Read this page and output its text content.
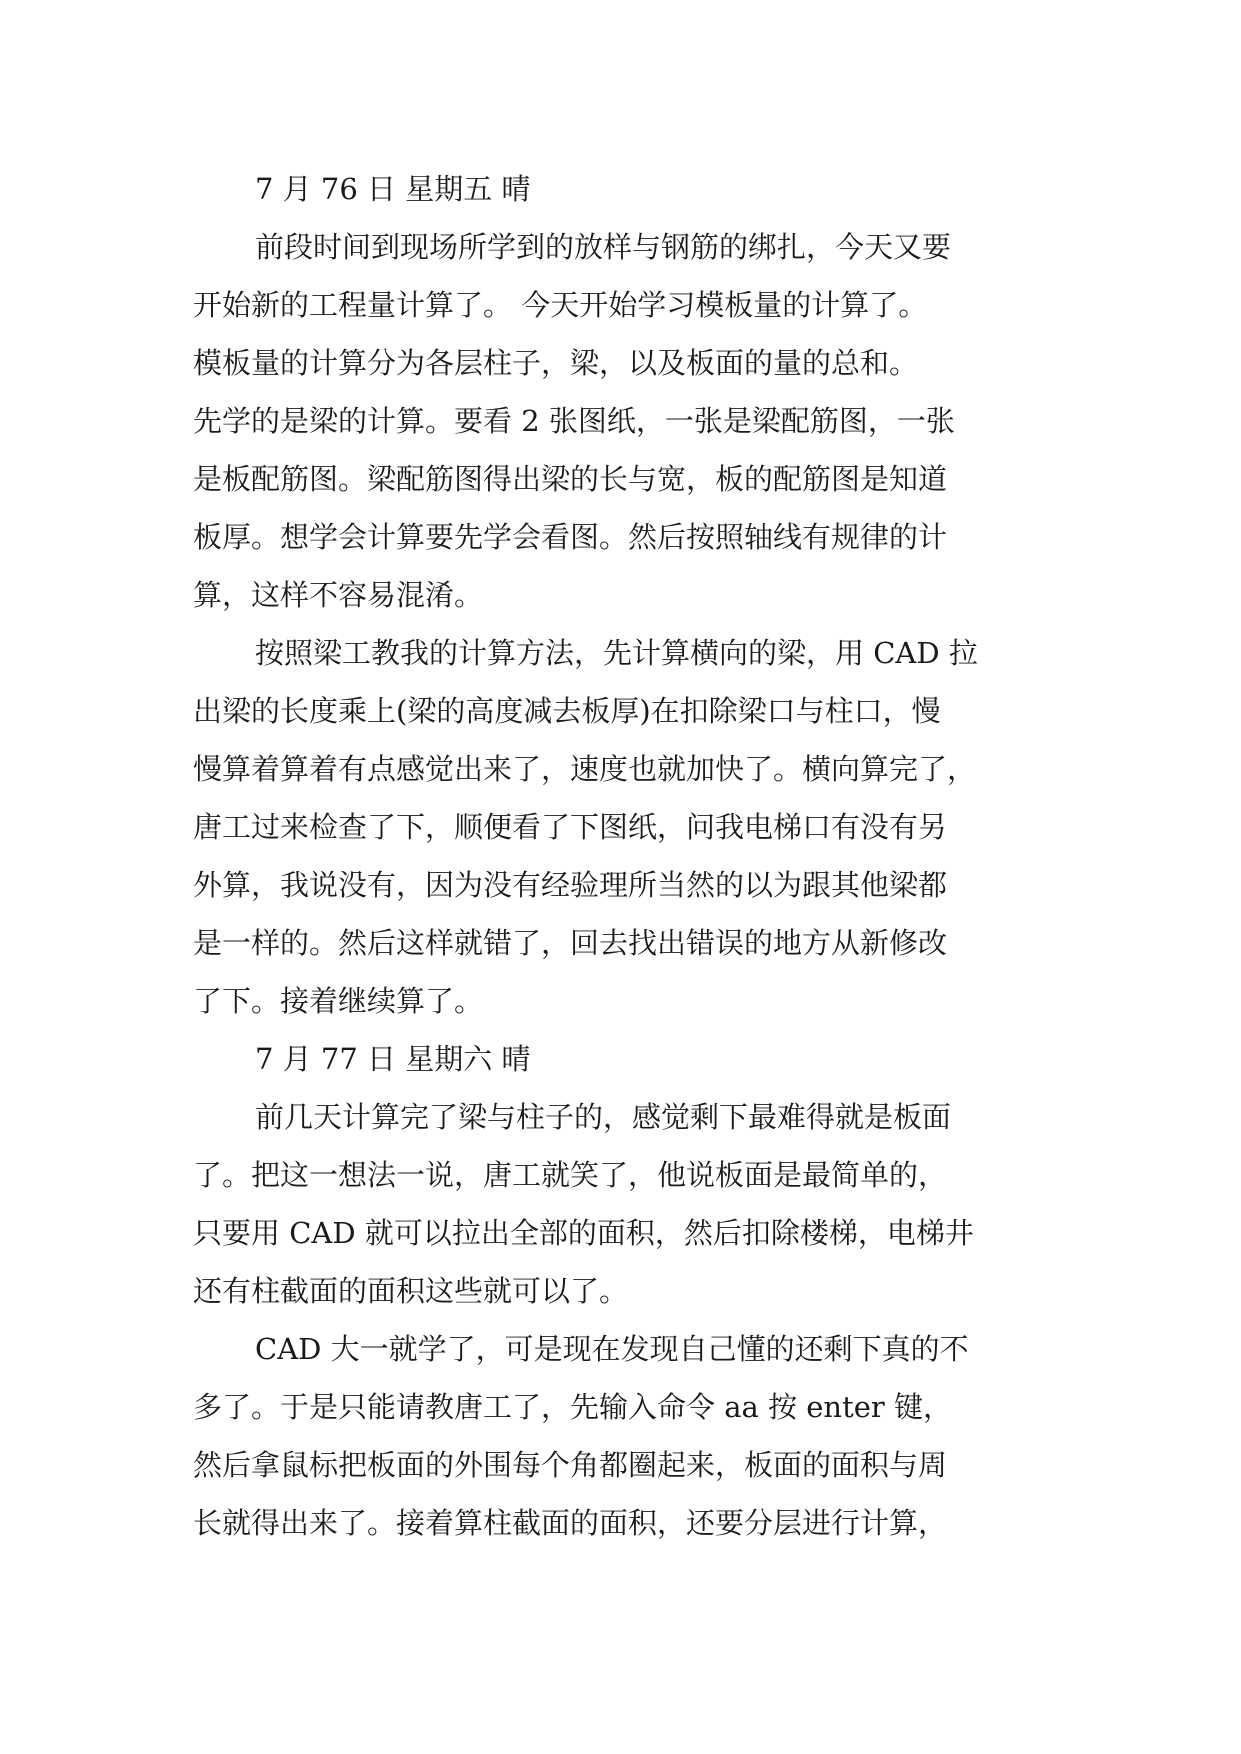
7 月 76 日 星期五 晴
前段时间到现场所学到的放样与钢筋的绑扎，今天又要
开始新的工程量计算了。 今天开始学习模板量的计算了。
模板量的计算分为各层柱子，梁，以及板面的量的总和。
先学的是梁的计算。要看 2 张图纸，一张是梁配筋图，一张
是板配筋图。梁配筋图得出梁的长与宽，板的配筋图是知道
板厚。想学会计算要先学会看图。然后按照轴线有规律的计
算，这样不容易混淆。
按照梁工教我的计算方法，先计算横向的梁，用 CAD 拉
出梁的长度乘上(梁的高度减去板厚)在扣除梁口与柱口，慢
慢算着算着有点感觉出来了，速度也就加快了。横向算完了，
唐工过来检查了下，顺便看了下图纸，问我电梯口有没有另
外算，我说没有，因为没有经验理所当然的以为跟其他梁都
是一样的。然后这样就错了，回去找出错误的地方从新修改
了下。接着继续算了。
7 月 77 日 星期六 晴
前几天计算完了梁与柱子的，感觉剩下最难得就是板面
了。把这一想法一说，唐工就笑了，他说板面是最简单的，
只要用 CAD 就可以拉出全部的面积，然后扣除楼梯，电梯井
还有柱截面的面积这些就可以了。
CAD 大一就学了，可是现在发现自己懂的还剩下真的不
多了。于是只能请教唐工了，先输入命令 aa 按 enter 键，
然后拿鼠标把板面的外围每个角都圈起来，板面的面积与周
长就得出来了。接着算柱截面的面积，还要分层进行计算，
